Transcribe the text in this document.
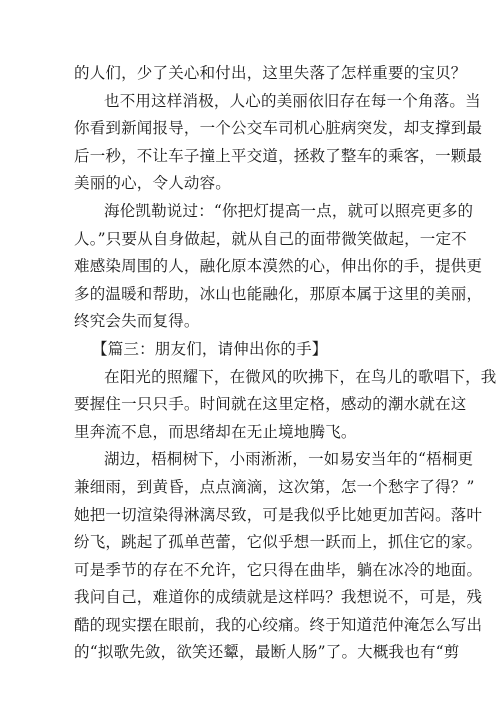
的人们，少了关心和付出，这里失落了怎样重要的宝贝？
也不用这样消极，人心的美丽依旧存在每一个角落。当
你看到新闻报导，一个公交车司机心脏病突发，却支撑到最
后一秒，不让车子撞上平交道，拯救了整车的乘客，一颗最
美丽的心，令人动容。
海伦凯勒说过：“你把灯提高一点，就可以照亮更多的
人。”只要从自身做起，就从自己的面带微笑做起，一定不
难感染周围的人，融化原本漠然的心，伸出你的手，提供更
多的温暖和帮助，冰山也能融化，那原本属于这里的美丽，
终究会失而复得。
【篇三：朋友们，请伸出你的手】
在阳光的照耀下，在微风的吹拂下，在鸟儿的歌唱下，我
要握住一只只手。时间就在这里定格，感动的潮水就在这
里奔流不息，而思绪却在无止境地腾飞。
湖边，梧桐树下，小雨淅淅，一如易安当年的“梧桐更
兼细雨，到黄昏，点点滴滴，这次第，怎一个愁字了得？”
她把一切渲染得淋漓尽致，可是我似乎比她更加苦闷。落叶
纷飞，跳起了孤单芭蕾，它似乎想一跃而上，抓住它的家。
可是季节的存在不允许，它只得在曲毕，躺在冰冷的地面。
我问自己，难道你的成绩就是这样吗？我想说不，可是，残
酷的现实摆在眼前，我的心绞痛。终于知道范仲淹怎么写出
的“拟歌先敛，欲笑还颦，最断人肠”了。大概我也有“剪
